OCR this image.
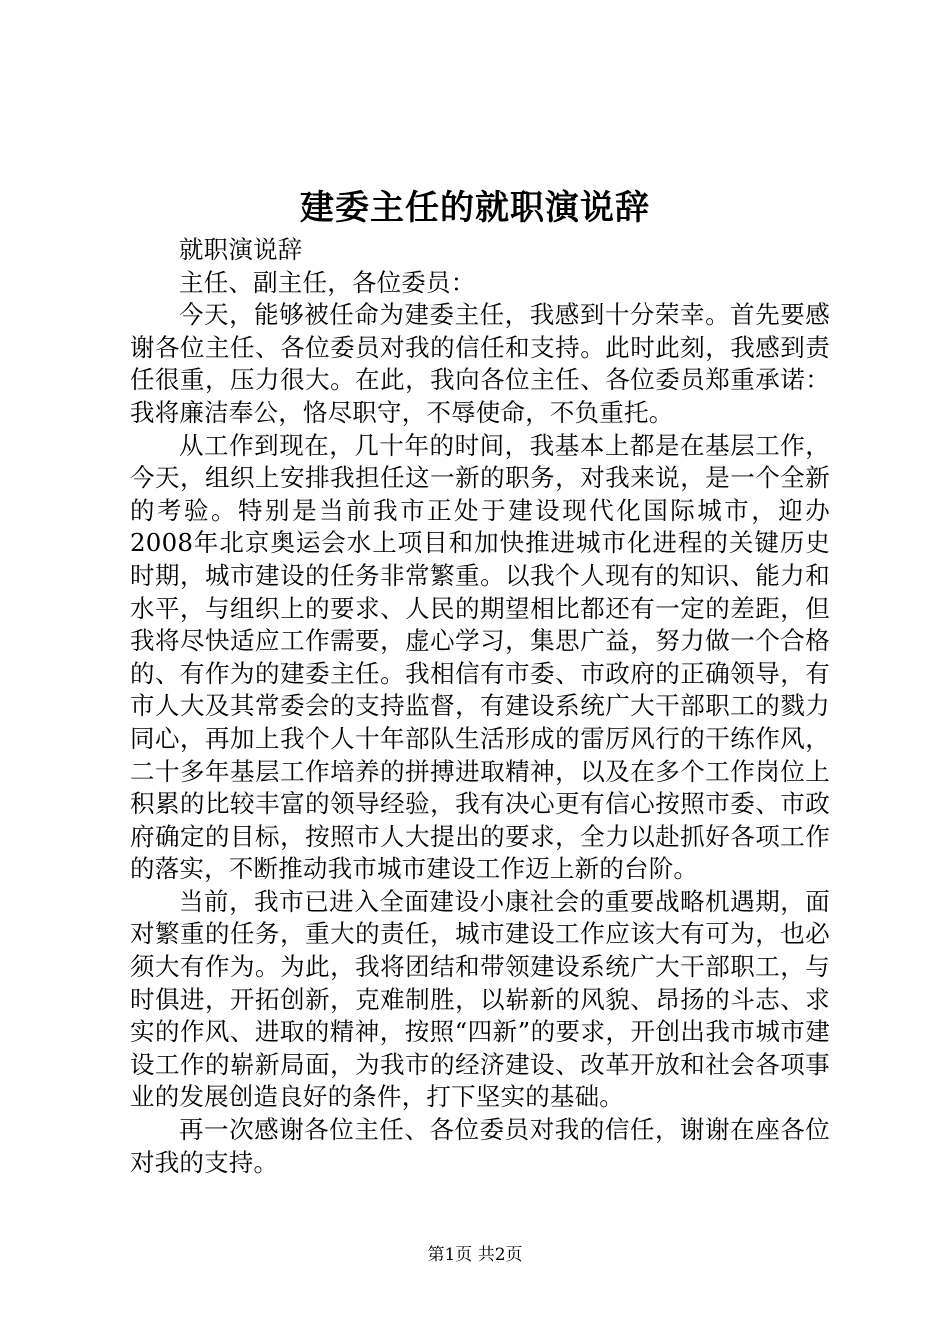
建委主任的就职演说辞

就职演说辞

主任、副主任，各位委员：

今天，能够被任命为建委主任，我感到十分荣幸。首先要感谢各位主任、各位委员对我的信任和支持。此时此刻，我感到责任很重，压力很大。在此，我向各位主任、各位委员郑重承诺：我将廉洁奉公，恪尽职守，不辱使命，不负重托。

从工作到现在，几十年的时间，我基本上都是在基层工作，今天，组织上安排我担任这一新的职务，对我来说，是一个全新的考验。特别是当前我市正处于建设现代化国际城市，迎办2008年北京奥运会水上项目和加快推进城市化进程的关键历史时期，城市建设的任务非常繁重。以我个人现有的知识、能力和水平，与组织上的要求、人民的期望相比都还有一定的差距，但我将尽快适应工作需要，虚心学习，集思广益，努力做一个合格的、有作为的建委主任。我相信有市委、市政府的正确领导，有市人大及其常委会的支持监督，有建设系统广大干部职工的戮力同心，再加上我个人十年部队生活形成的雷厉风行的干练作风，二十多年基层工作培养的拼搏进取精神，以及在多个工作岗位上积累的比较丰富的领导经验，我有决心更有信心按照市委、市政府确定的目标，按照市人大提出的要求，全力以赴抓好各项工作的落实，不断推动我市城市建设工作迈上新的台阶。

当前，我市已进入全面建设小康社会的重要战略机遇期，面对繁重的任务，重大的责任，城市建设工作应该大有可为，也必须大有作为。为此，我将团结和带领建设系统广大干部职工，与时俱进，开拓创新，克难制胜，以崭新的风貌、昂扬的斗志、求实的作风、进取的精神，按照“四新”的要求，开创出我市城市建设工作的崭新局面，为我市的经济建设、改革开放和社会各项事业的发展创造良好的条件，打下坚实的基础。

再一次感谢各位主任、各位委员对我的信任，谢谢在座各位对我的支持。

第1页 共2页
